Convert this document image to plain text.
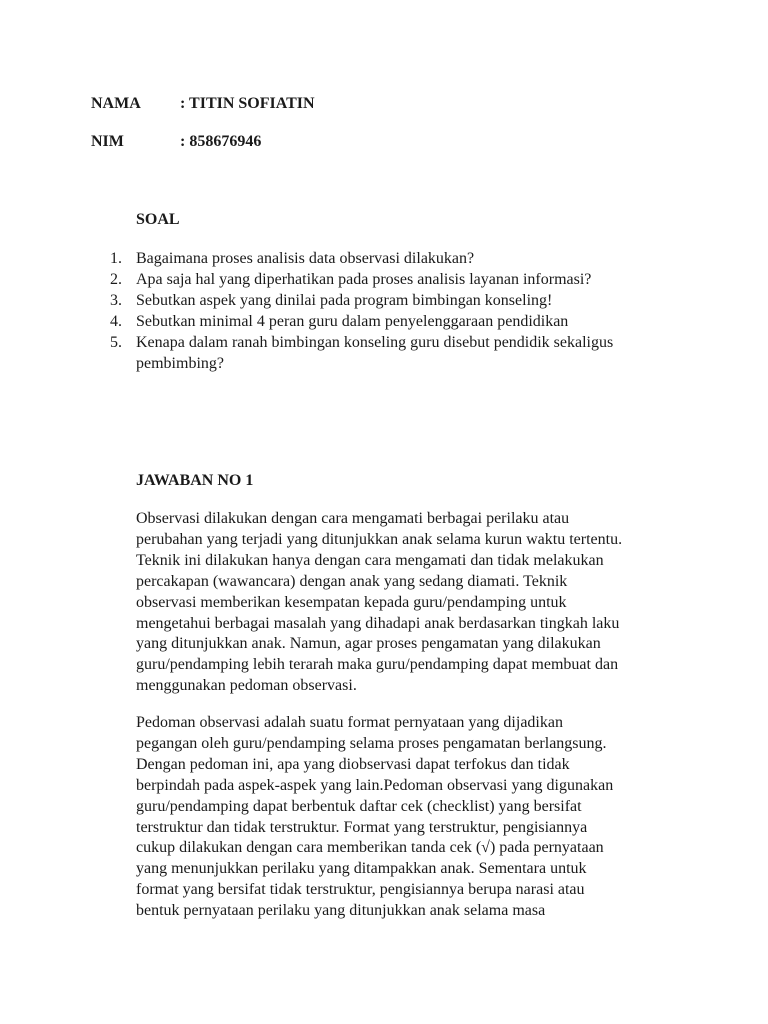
NAMA	: TITIN SOFIATIN
NIM	: 858676946
SOAL
1. Bagaimana proses analisis data observasi dilakukan?
2. Apa saja hal yang diperhatikan pada proses analisis layanan informasi?
3. Sebutkan aspek yang dinilai pada program bimbingan konseling!
4. Sebutkan minimal 4 peran guru dalam penyelenggaraan pendidikan
5. Kenapa dalam ranah bimbingan konseling guru disebut pendidik sekaligus pembimbing?
JAWABAN NO 1

Observasi dilakukan dengan cara mengamati berbagai perilaku atau
perubahan yang terjadi yang ditunjukkan anak selama kurun waktu tertentu.
Teknik ini dilakukan hanya dengan cara mengamati dan tidak melakukan
percakapan (wawancara) dengan anak yang sedang diamati. Teknik
observasi memberikan kesempatan kepada guru/pendamping untuk
mengetahui berbagai masalah yang dihadapi anak berdasarkan tingkah laku
yang ditunjukkan anak. Namun, agar proses pengamatan yang dilakukan
guru/pendamping lebih terarah maka guru/pendamping dapat membuat dan
menggunakan pedoman observasi.

Pedoman observasi adalah suatu format pernyataan yang dijadikan
pegangan oleh guru/pendamping selama proses pengamatan berlangsung.
Dengan pedoman ini, apa yang diobservasi dapat terfokus dan tidak
berpindah pada aspek-aspek yang lain.Pedoman observasi yang digunakan
guru/pendamping dapat berbentuk daftar cek (checklist) yang bersifat
terstruktur dan tidak terstruktur. Format yang terstruktur, pengisiannya
cukup dilakukan dengan cara memberikan tanda cek (√) pada pernyataan
yang menunjukkan perilaku yang ditampakkan anak. Sementara untuk
format yang bersifat tidak terstruktur, pengisiannya berupa narasi atau
bentuk pernyataan perilaku yang ditunjukkan anak selama masa
